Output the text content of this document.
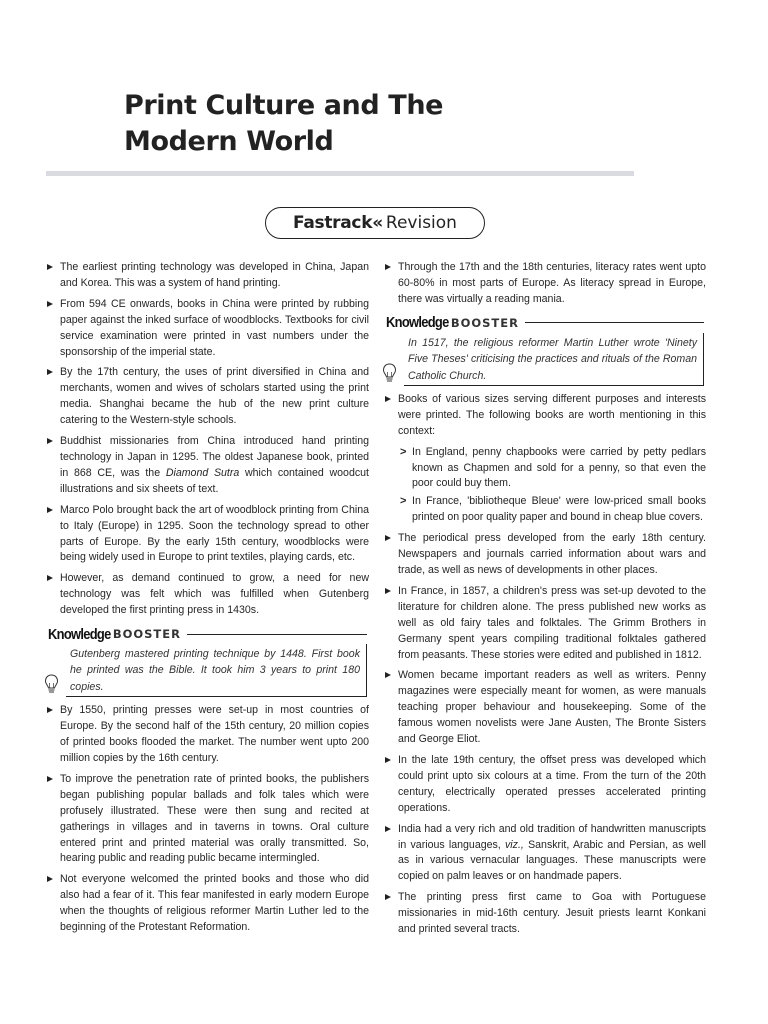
Print Culture and The
Modern World
Fastrack « Revision

The earliest printing technology was developed in China, Japan and Korea. This was a system of hand printing.

From 594 CE onwards, books in China were printed by rubbing paper against the inked surface of woodblocks. Textbooks for civil service examination were printed in vast numbers under the sponsorship of the imperial state.

By the 17th century, the uses of print diversified in China and merchants, women and wives of scholars started using the print media. Shanghai became the hub of the new print culture catering to the Western-style schools.

Buddhist missionaries from China introduced hand printing technology in Japan in 1295. The oldest Japanese book, printed in 868 CE, was the Diamond Sutra which contained woodcut illustrations and six sheets of text.

Marco Polo brought back the art of woodblock printing from China to Italy (Europe) in 1295. Soon the technology spread to other parts of Europe. By the early 15th century, woodblocks were being widely used in Europe to print textiles, playing cards, etc.

However, as demand continued to grow, a need for new technology was felt which was fulfilled when Gutenberg developed the first printing press in 1430s.

Knowledge BOOSTER
Gutenberg mastered printing technique by 1448. First book he printed was the Bible. It took him 3 years to print 180 copies.

By 1550, printing presses were set-up in most countries of Europe. By the second half of the 15th century, 20 million copies of printed books flooded the market. The number went upto 200 million copies by the 16th century.

To improve the penetration rate of printed books, the publishers began publishing popular ballads and folk tales which were profusely illustrated. These were then sung and recited at gatherings in villages and in taverns in towns. Oral culture entered print and printed material was orally transmitted. So, hearing public and reading public became intermingled.

Not everyone welcomed the printed books and those who did also had a fear of it. This fear manifested in early modern Europe when the thoughts of religious reformer Martin Luther led to the beginning of the Protestant Reformation.

Through the 17th and the 18th centuries, literacy rates went upto 60-80% in most parts of Europe. As literacy spread in Europe, there was virtually a reading mania.

Knowledge BOOSTER
In 1517, the religious reformer Martin Luther wrote 'Ninety Five Theses' criticising the practices and rituals of the Roman Catholic Church.

Books of various sizes serving different purposes and interests were printed. The following books are worth mentioning in this context:

> In England, penny chapbooks were carried by petty pedlars known as Chapmen and sold for a penny, so that even the poor could buy them.

> In France, 'bibliotheque Bleue' were low-priced small books printed on poor quality paper and bound in cheap blue covers.

The periodical press developed from the early 18th century. Newspapers and journals carried information about wars and trade, as well as news of developments in other places.

In France, in 1857, a children's press was set-up devoted to the literature for children alone. The press published new works as well as old fairy tales and folktales. The Grimm Brothers in Germany spent years compiling traditional folktales gathered from peasants. These stories were edited and published in 1812.

Women became important readers as well as writers. Penny magazines were especially meant for women, as were manuals teaching proper behaviour and housekeeping. Some of the famous women novelists were Jane Austen, The Bronte Sisters and George Eliot.

In the late 19th century, the offset press was developed which could print upto six colours at a time. From the turn of the 20th century, electrically operated presses accelerated printing operations.

India had a very rich and old tradition of handwritten manuscripts in various languages, viz., Sanskrit, Arabic and Persian, as well as in various vernacular languages. These manuscripts were copied on palm leaves or on handmade papers.

The printing press first came to Goa with Portuguese missionaries in mid-16th century. Jesuit priests learnt Konkani and printed several tracts.
